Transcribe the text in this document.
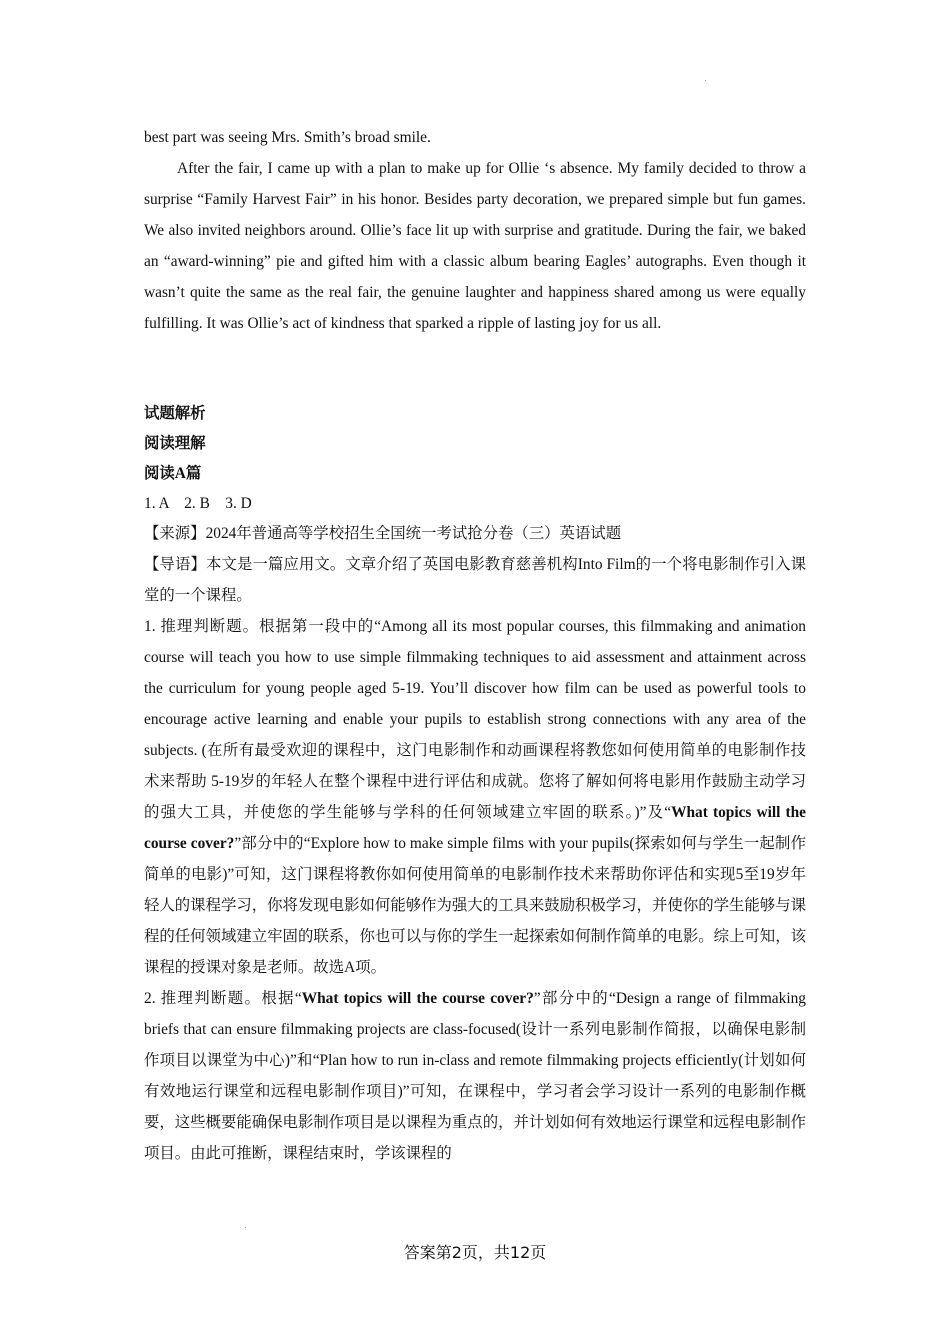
best part was seeing Mrs. Smith’s broad smile.

After the fair, I came up with a plan to make up for Ollie ‘s absence. My family decided to throw a surprise “Family Harvest Fair” in his honor. Besides party decoration, we prepared simple but fun games. We also invited neighbors around. Ollie’s face lit up with surprise and gratitude. During the fair, we baked an “award-winning” pie and gifted him with a classic album bearing Eagles’ autographs. Even though it wasn’t quite the same as the real fair, the genuine laughter and happiness shared among us were equally fulfilling. It was Ollie’s act of kindness that sparked a ripple of lasting joy for us all.

试题解析

阅读理解

阅读A篇

1. A    2. B    3. D

【来源】2024年普通高等学校招生全国统一考试抢分卷（三）英语试题

【导语】本文是一篇应用文。文章介绍了英国电影教育慈善机构Into Film的一个将电影制作引入课堂的一个课程。

1. 推理判断题。根据第一段中的“Among all its most popular courses, this filmmaking and animation course will teach you how to use simple filmmaking techniques to aid assessment and attainment across the curriculum for young people aged 5-19. You’ll discover how film can be used as powerful tools to encourage active learning and enable your pupils to establish strong connections with any area of the subjects. (在所有最受欢迎的课程中，这门电影制作和动画课程将教您如何使用简单的电影制作技术来帮助 5-19岁的年轻人在整个课程中进行评估和成就。您将了解如何将电影用作鼓励主动学习的强大工具，并使您的学生能够与学科的任何领域建立牢固的联系。)”及“What topics will the course cover?”部分中的“Explore how to make simple films with your pupils(探索如何与学生一起制作简单的电影)”可知，这门课程将教你如何使用简单的电影制作技术来帮助你评估和实现5至19岁年轻人的课程学习，你将发现电影如何能够作为强大的工具来鼓励积极学习，并使你的学生能够与课程的任何领域建立牢固的联系，你也可以与你的学生一起探索如何制作简单的电影。综上可知，该课程的授课对象是老师。故选A项。

2. 推理判断题。根据“What topics will the course cover?”部分中的“Design a range of filmmaking briefs that can ensure filmmaking projects are class-focused(设计一系列电影制作简报，以确保电影制作项目以课堂为中心)”和“Plan how to run in-class and remote filmmaking projects efficiently(计划如何有效地运行课堂和远程电影制作项目)”可知，在课程中，学习者会学习设计一系列的电影制作概要，这些概要能确保电影制作项目是以课程为重点的，并计划如何有效地运行课堂和远程电影制作项目。由此可推断，课程结束时，学该课程的

答案第2页，共12页
